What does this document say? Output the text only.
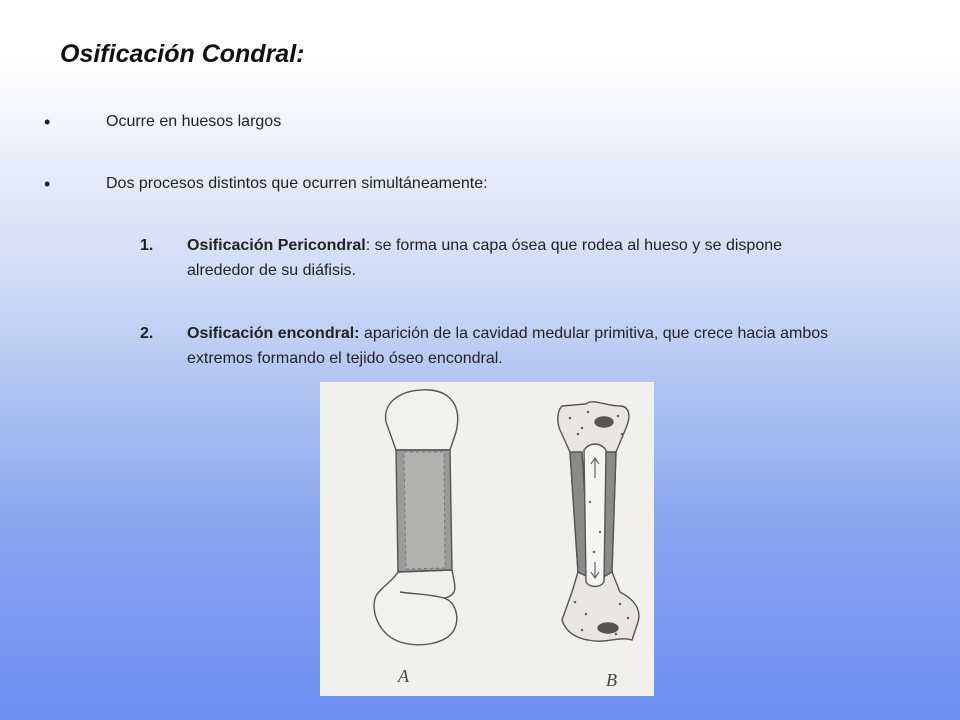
Osificación Condral:
•	Ocurre en huesos largos
•	Dos procesos distintos que ocurren simultáneamente:
1. Osificación Pericondral: se forma una capa ósea que rodea al hueso y se dispone alrededor de su diáfisis.
2. Osificación encondral: aparición de la cavidad medular primitiva, que crece hacia ambos extremos formando el tejido óseo encondral.
A	B
